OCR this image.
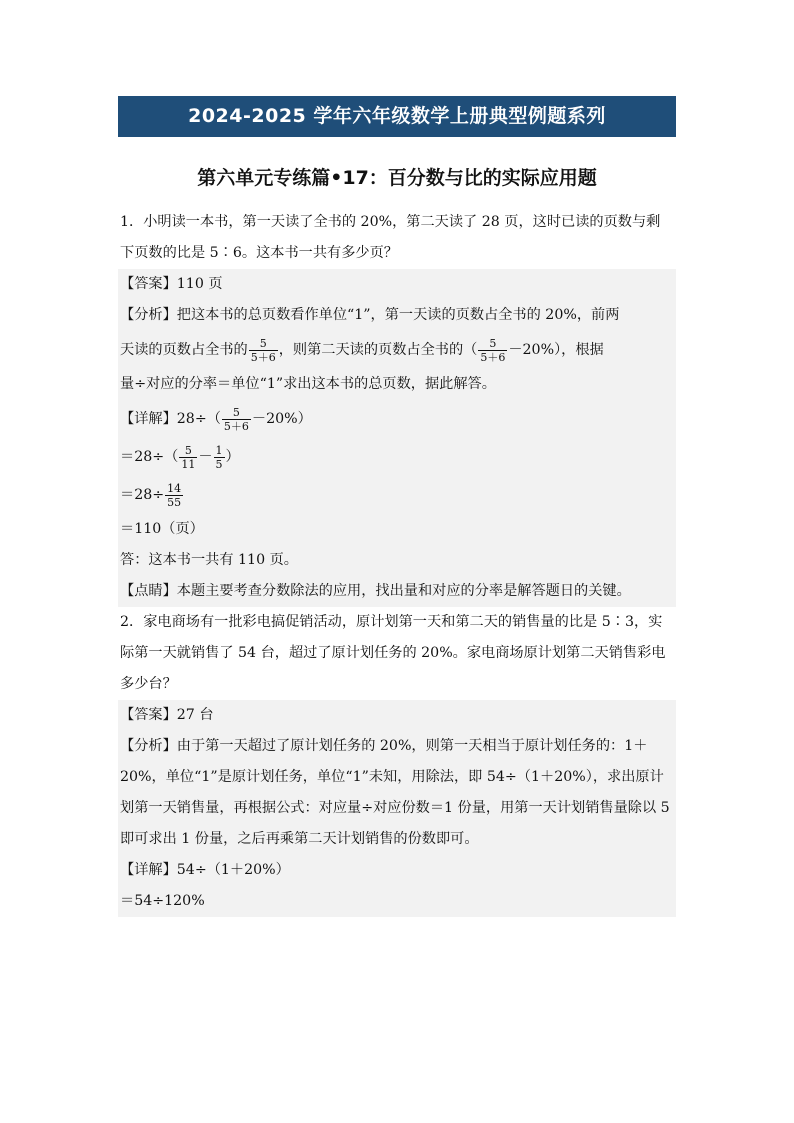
2024-2025 学年六年级数学上册典型例题系列
第六单元专练篇•17：百分数与比的实际应用题
1．小明读一本书，第一天读了全书的 20%，第二天读了 28 页，这时已读的页数与剩下页数的比是 5∶6。这本书一共有多少页？
【答案】110 页
【分析】把这本书的总页数看作单位“1”，第一天读的页数占全书的 20%，前两
天读的页数占全书的 $\frac{5}{5+6}$ ，则第二天读的页数占全书的（ $\frac{5}{5+6} -20\%$），根据
量÷对应的分率＝单位“1”求出这本书的总页数，据此解答。
【详解】$28\div( \frac{5}{5+6} -20\%)$
$=28\div( \frac{5}{11} - \frac{1}{5}$ ）
$=28\div \frac{14}{55}$
＝110（页）
答：这本书一共有 110 页。
【点睛】本题主要考查分数除法的应用，找出量和对应的分率是解答题日的关键。
2．家电商场有一批彩电搞促销活动，原计划第一天和第二天的销售量的比是 5∶3，实际第一天就销售了 54 台，超过了原计划任务的 20%。家电商场原计划第二天销售彩电多少台？
【答案】27 台
【分析】由于第一天超过了原计划任务的 20%，则第一天相当于原计划任务的：1＋20%，单位“1”是原计划任务，单位“1”未知，用除法，即 54÷（1＋20%），求出原计划第一天销售量，再根据公式：对应量÷对应份数＝1 份量，用第一天计划销售量除以 5 即可求出 1 份量，之后再乘第二天计划销售的份数即可。
【详解】54÷（1＋20%）
＝54÷120%
